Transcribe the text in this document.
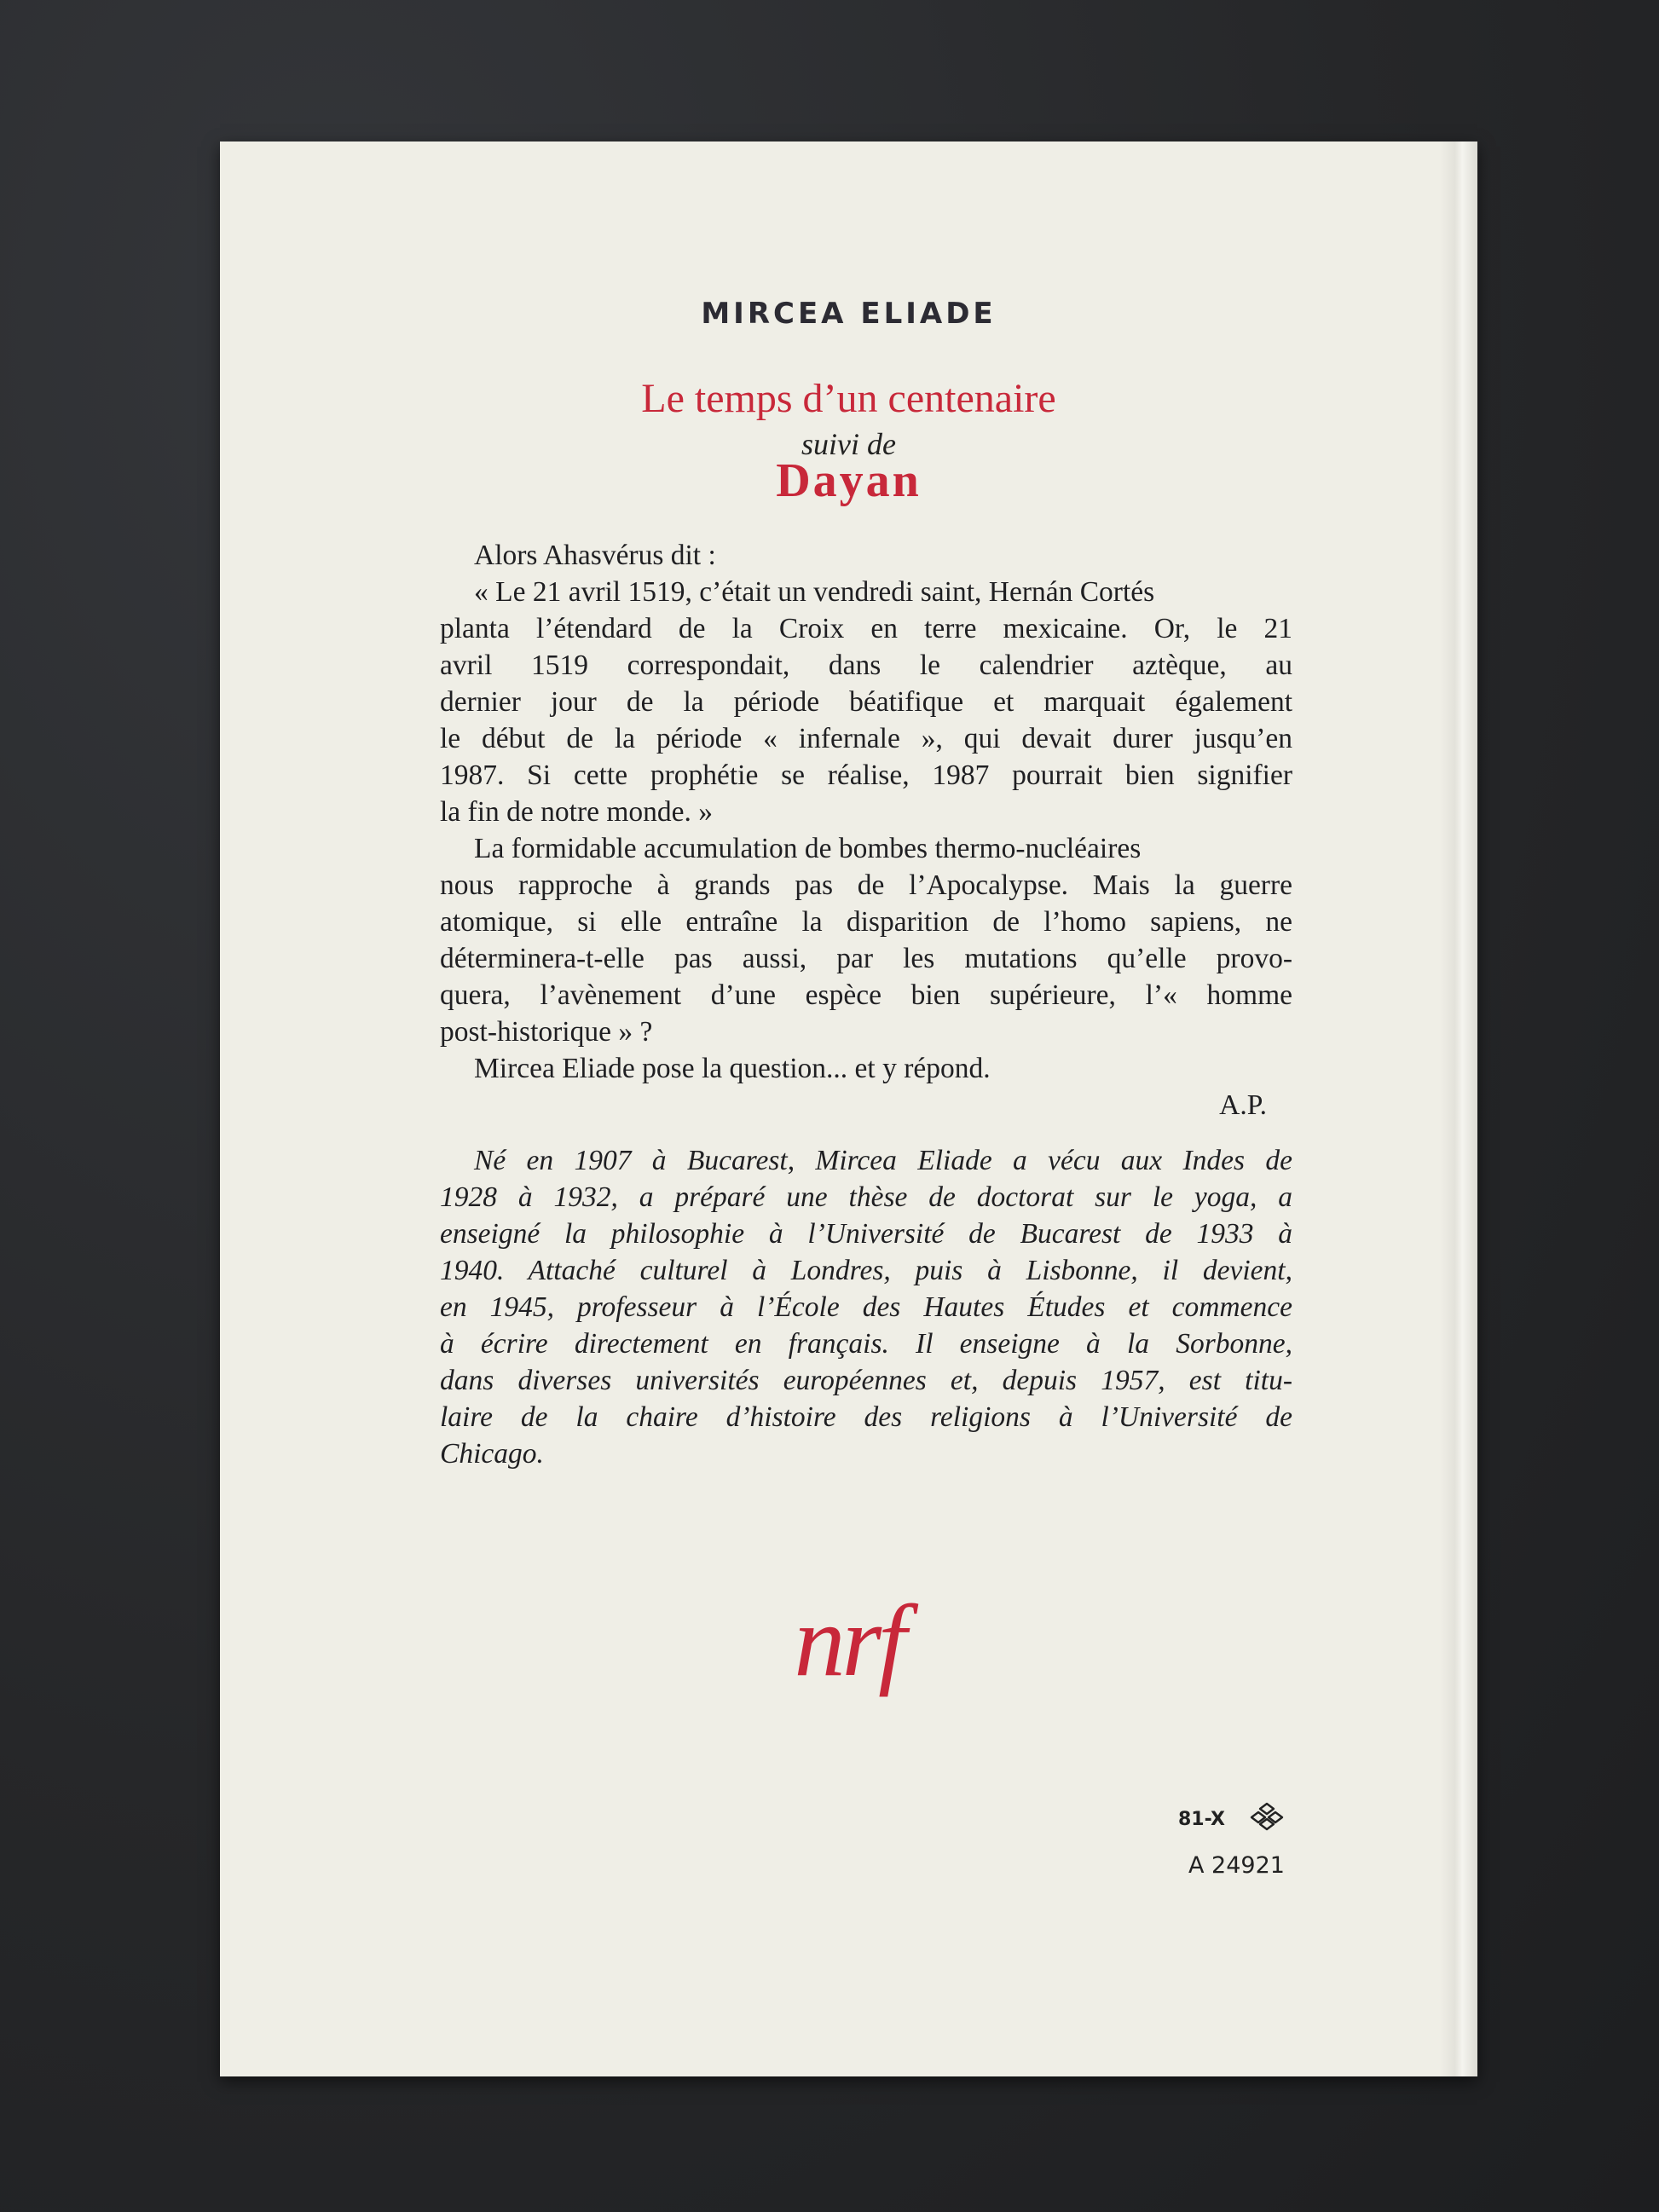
MIRCEA ELIADE
Le temps d’un centenaire
suivi de
Dayan
Alors Ahasvérus dit :
« Le 21 avril 1519, c’était un vendredi saint, Hernán Cortés
planta l’étendard de la Croix en terre mexicaine. Or, le 21
avril 1519 correspondait, dans le calendrier aztèque, au
dernier jour de la période béatifique et marquait également
le début de la période « infernale », qui devait durer jusqu’en
1987. Si cette prophétie se réalise, 1987 pourrait bien signifier
la fin de notre monde. »
La formidable accumulation de bombes thermo-nucléaires
nous rapproche à grands pas de l’Apocalypse. Mais la guerre
atomique, si elle entraîne la disparition de l’homo sapiens, ne
déterminera-t-elle pas aussi, par les mutations qu’elle provo-
quera, l’avènement d’une espèce bien supérieure, l’« homme
post-historique » ?
Mircea Eliade pose la question... et y répond.
A.P.
Né en 1907 à Bucarest, Mircea Eliade a vécu aux Indes de
1928 à 1932, a préparé une thèse de doctorat sur le yoga, a
enseigné la philosophie à l’Université de Bucarest de 1933 à
1940. Attaché culturel à Londres, puis à Lisbonne, il devient,
en 1945, professeur à l’École des Hautes Études et commence
à écrire directement en français. Il enseigne à la Sorbonne,
dans diverses universités européennes et, depuis 1957, est titu-
laire de la chaire d’histoire des religions à l’Université de
Chicago.
nrf
81-X
A 24921
